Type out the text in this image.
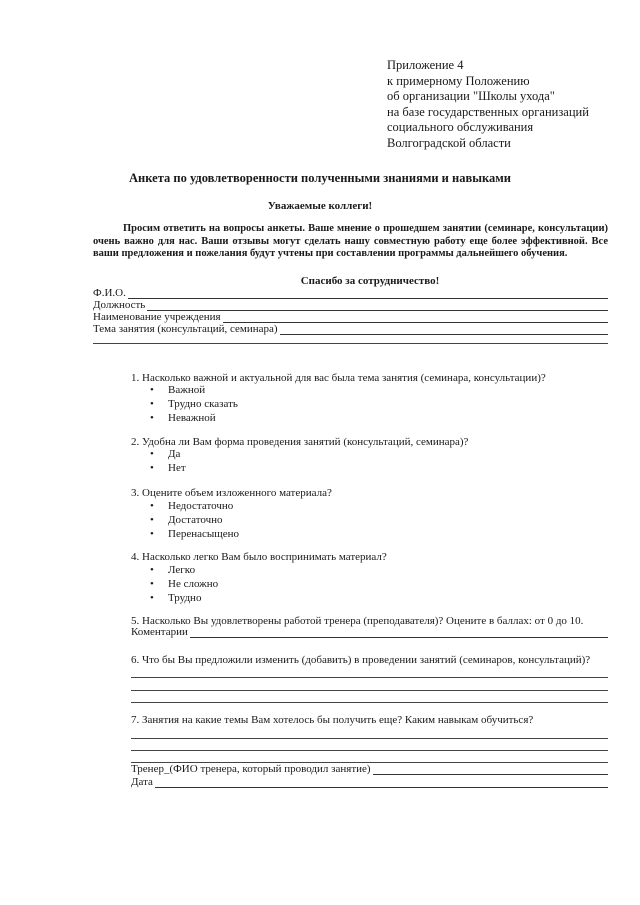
Приложение 4
к примерному Положению
об организации "Школы ухода"
на базе государственных организаций
социального обслуживания
Волгоградской области
Анкета по удовлетворенности полученными знаниями и навыками
Уважаемые коллеги!
Просим ответить на вопросы анкеты. Ваше мнение о прошедшем занятии (семинаре, консультации) очень важно для нас. Ваши отзывы могут сделать нашу совместную работу еще более эффективной. Все ваши предложения и пожелания будут учтены при составлении программы дальнейшего обучения.
Спасибо за сотрудничество!
Ф.И.О.
Должность
Наименование учреждения
Тема занятия (консультаций, семинара)
1. Насколько важной и актуальной для вас была тема занятия (семинара, консультации)?
• Важной
• Трудно сказать
• Неважной
2. Удобна ли Вам форма проведения занятий (консультаций, семинара)?
• Да
• Нет
3. Оцените объем изложенного материала?
• Недостаточно
• Достаточно
• Перенасыщено
4. Насколько легко Вам было воспринимать материал?
• Легко
• Не сложно
• Трудно
5. Насколько Вы удовлетворены работой тренера (преподавателя)? Оцените в баллах: от 0 до 10.
Коментарии
6. Что бы Вы предложили изменить (добавить) в проведении занятий (семинаров, консультаций)?
7. Занятия на какие темы Вам хотелось бы получить еще? Каким навыкам обучиться?
Тренер_(ФИО тренера, который проводил занятие)
Дата
